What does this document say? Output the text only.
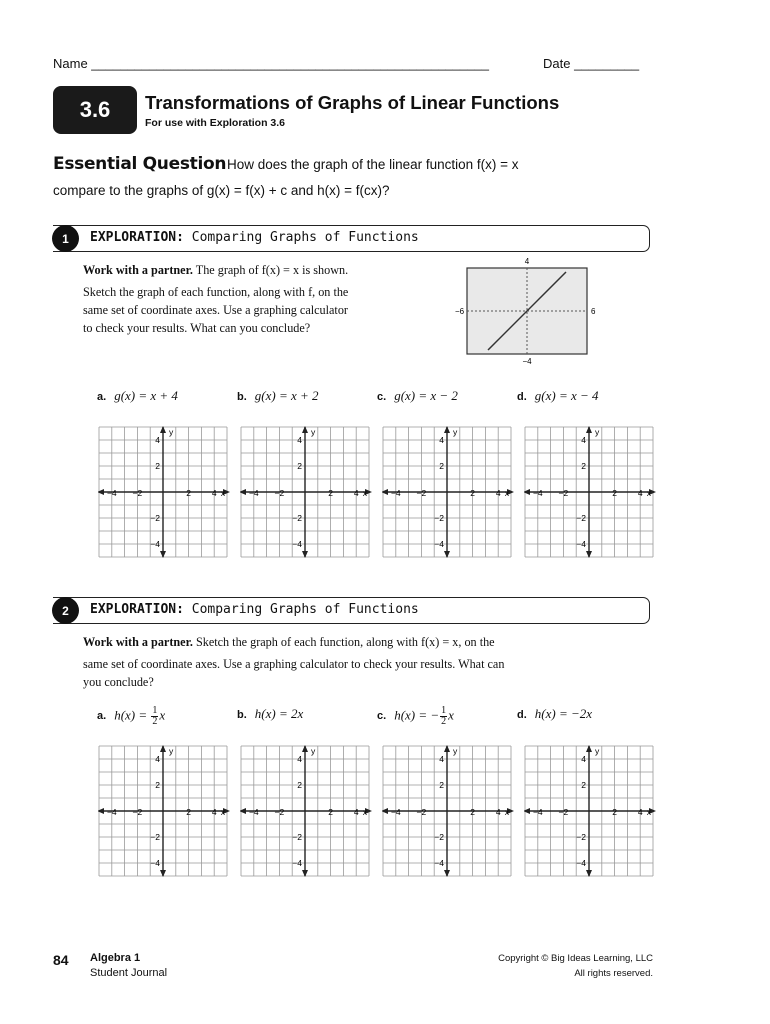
Name _______________________________________________________	Date _________
3.6	Transformations of Graphs of Linear Functions
For use with Exploration 3.6
Essential Question How does the graph of the linear function f(x) = x
compare to the graphs of g(x) = f(x) + c and h(x) = f(cx)?
1	EXPLORATION: Comparing Graphs of Functions
Work with a partner. The graph of f(x) = x is shown.
Sketch the graph of each function, along with f, on the
same set of coordinate axes. Use a graphing calculator
to check your results. What can you conclude?
4
−4
−6	6
a. g(x) = x + 4	b. g(x) = x + 2	c. g(x) = x − 2	d. g(x) = x − 4
2	EXPLORATION: Comparing Graphs of Functions
Work with a partner. Sketch the graph of each function, along with f(x) = x, on the
same set of coordinate axes. Use a graphing calculator to check your results. What can
you conclude?
a. $h(x) = \frac{1}{2}$ x	b. h(x) = 2x	c. h(x) = − $\frac{1}{2}$ x	d. h(x) = −2x
4
2
−2
−4
y
−4 −2	2 4 x
4
2
−2
−4
y
−4 −2	2 4 x
4
2
−2
−4
y
−4 −2	2 4 x
4
2
−2
−4
y
−4 −2	2 4 x
4
2
−2
−4
y
−4 −2	2 4 x
4
2
−2
−4
y
−4 −2	2 4 x
4
2
−2
−4
y
−4 −2	2 4 x
4
2
−2
−4
y
−4 −2	2 4 x
84 Algebra 1
Student Journal
Copyright © Big Ideas Learning, LLC
All rights reserved.
